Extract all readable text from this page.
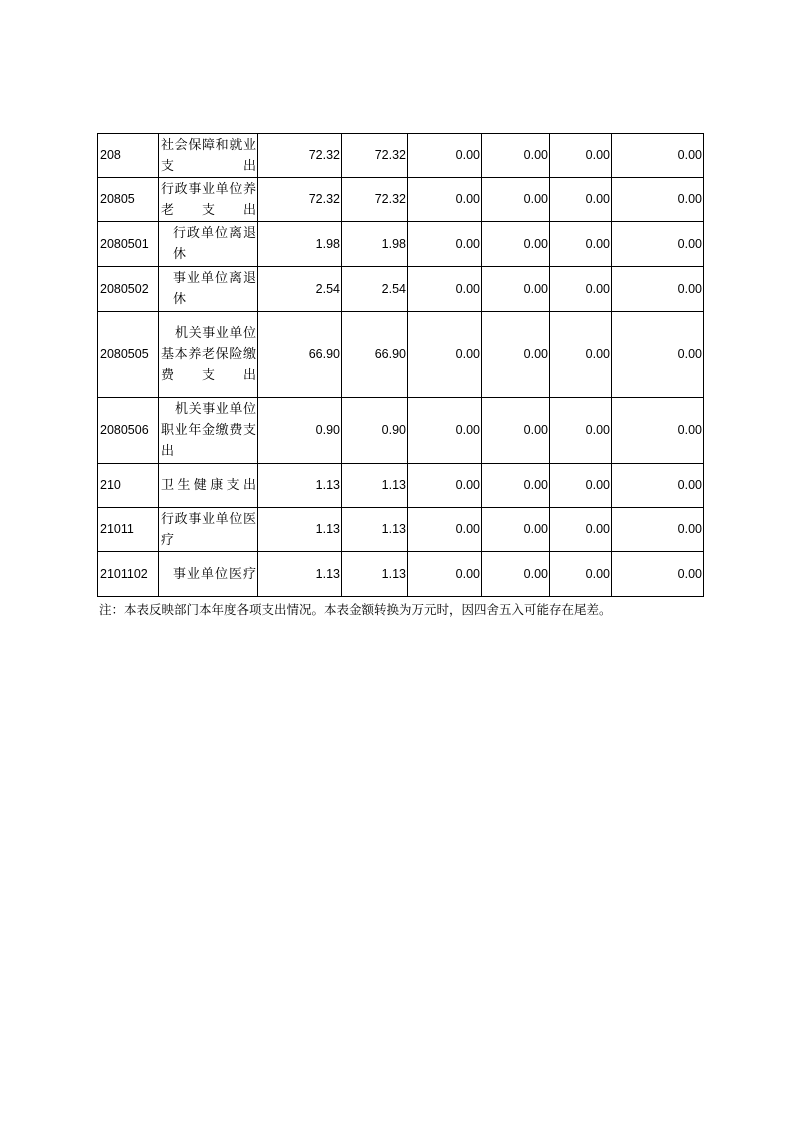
208	社会保障和就业支出	72.32	72.32	0.00	0.00	0.00	0.00
20805	行政事业单位养老支出	72.32	72.32	0.00	0.00	0.00	0.00
2080501	行政单位离退休	1.98	1.98	0.00	0.00	0.00	0.00
2080502	事业单位离退休	2.54	2.54	0.00	0.00	0.00	0.00
2080505	机关事业单位基本养老保险缴费支出	66.90	66.90	0.00	0.00	0.00	0.00
2080506	机关事业单位职业年金缴费支出	0.90	0.90	0.00	0.00	0.00	0.00
210	卫生健康支出	1.13	1.13	0.00	0.00	0.00	0.00
21011	行政事业单位医疗	1.13	1.13	0.00	0.00	0.00	0.00
2101102	事业单位医疗	1.13	1.13	0.00	0.00	0.00	0.00
注：本表反映部门本年度各项支出情况。本表金额转换为万元时，因四舍五入可能存在尾差。
